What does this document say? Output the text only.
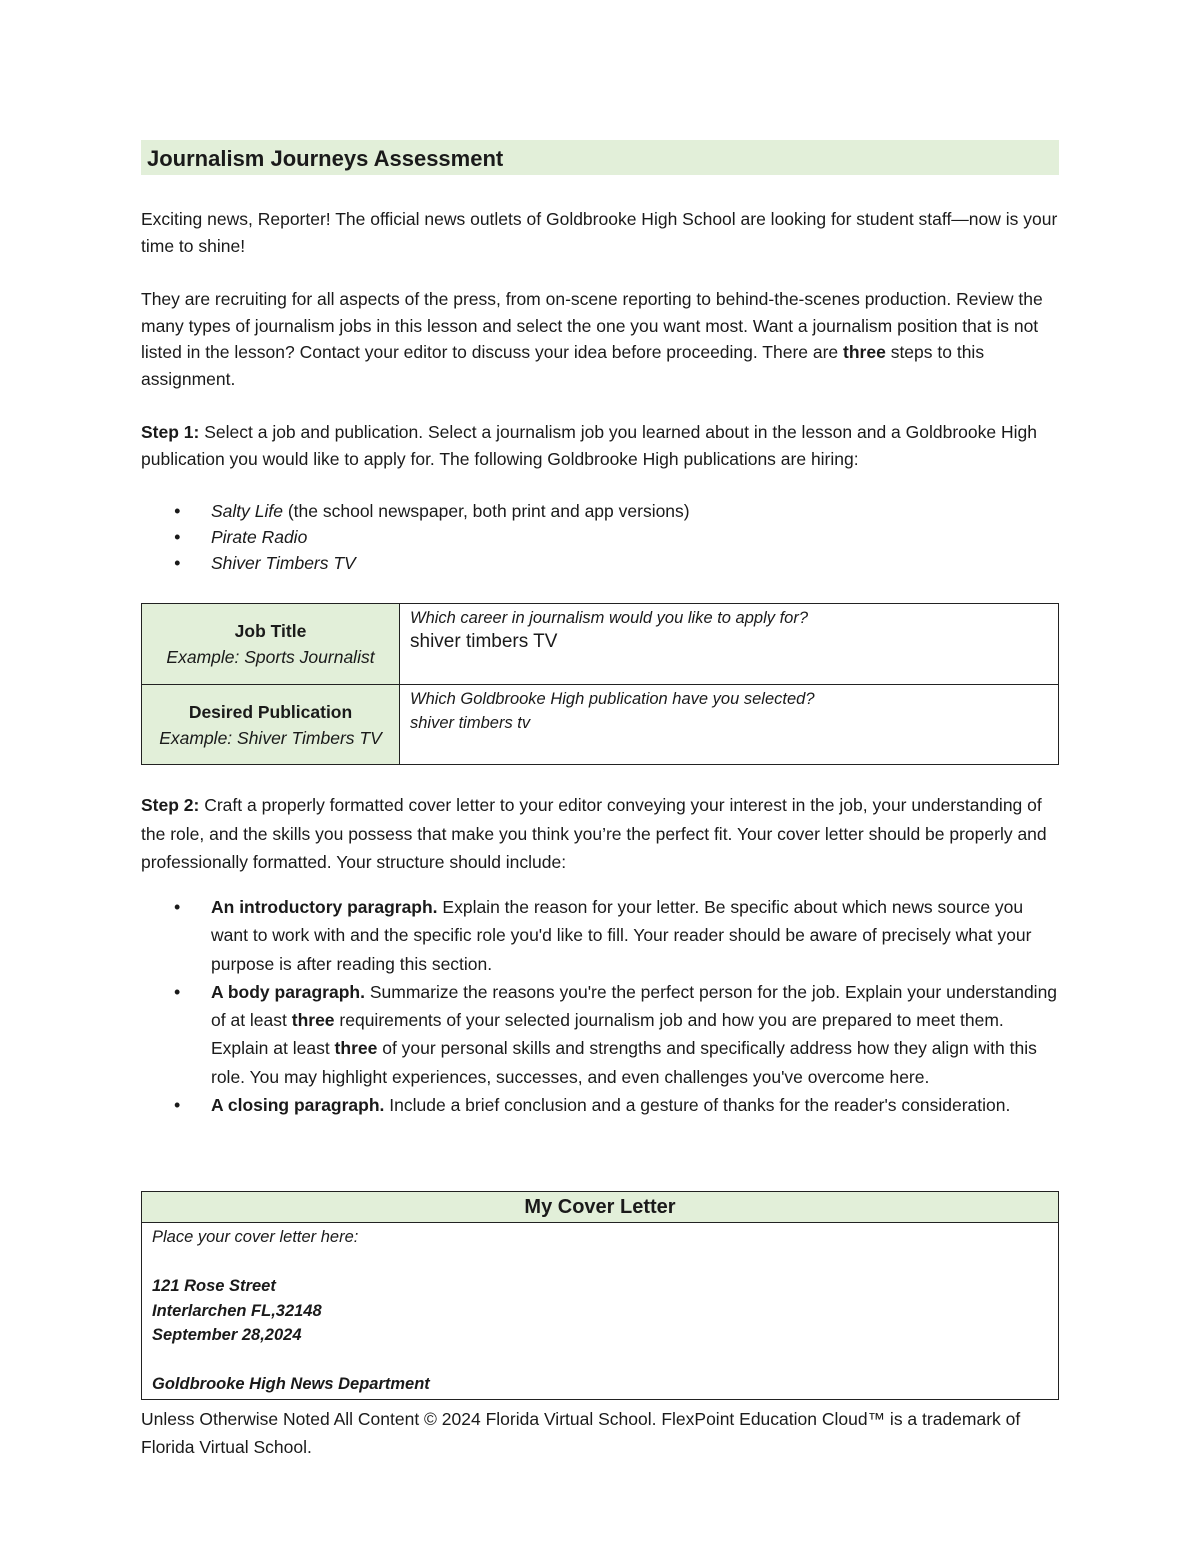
Journalism Journeys Assessment

Exciting news, Reporter! The official news outlets of Goldbrooke High School are looking for student staff—now is your time to shine!

They are recruiting for all aspects of the press, from on-scene reporting to behind-the-scenes production. Review the many types of journalism jobs in this lesson and select the one you want most. Want a journalism position that is not listed in the lesson? Contact your editor to discuss your idea before proceeding. There are three steps to this assignment.

Step 1: Select a job and publication. Select a journalism job you learned about in the lesson and a Goldbrooke High publication you would like to apply for. The following Goldbrooke High publications are hiring:

• Salty Life (the school newspaper, both print and app versions)
• Pirate Radio
• Shiver Timbers TV
Job Title
Example: Sports Journalist	Which career in journalism would you like to apply for?
shiver timbers TV

Desired Publication
Example: Shiver Timbers TV	Which Goldbrooke High publication have you selected?
shiver timbers tv

Step 2: Craft a properly formatted cover letter to your editor conveying your interest in the job, your understanding of the role, and the skills you possess that make you think you’re the perfect fit. Your cover letter should be properly and professionally formatted. Your structure should include:

• An introductory paragraph. Explain the reason for your letter. Be specific about which news source you want to work with and the specific role you'd like to fill. Your reader should be aware of precisely what your purpose is after reading this section.
• A body paragraph. Summarize the reasons you're the perfect person for the job. Explain your understanding of at least three requirements of your selected journalism job and how you are prepared to meet them. Explain at least three of your personal skills and strengths and specifically address how they align with this role. You may highlight experiences, successes, and even challenges you've overcome here.
• A closing paragraph. Include a brief conclusion and a gesture of thanks for the reader's consideration.
My Cover Letter

Place your cover letter here:
121 Rose Street
Interlarchen FL,32148
September 28,2024
Goldbrooke High News Department

Unless Otherwise Noted All Content © 2024 Florida Virtual School. FlexPoint Education Cloud™ is a trademark of Florida Virtual School.
